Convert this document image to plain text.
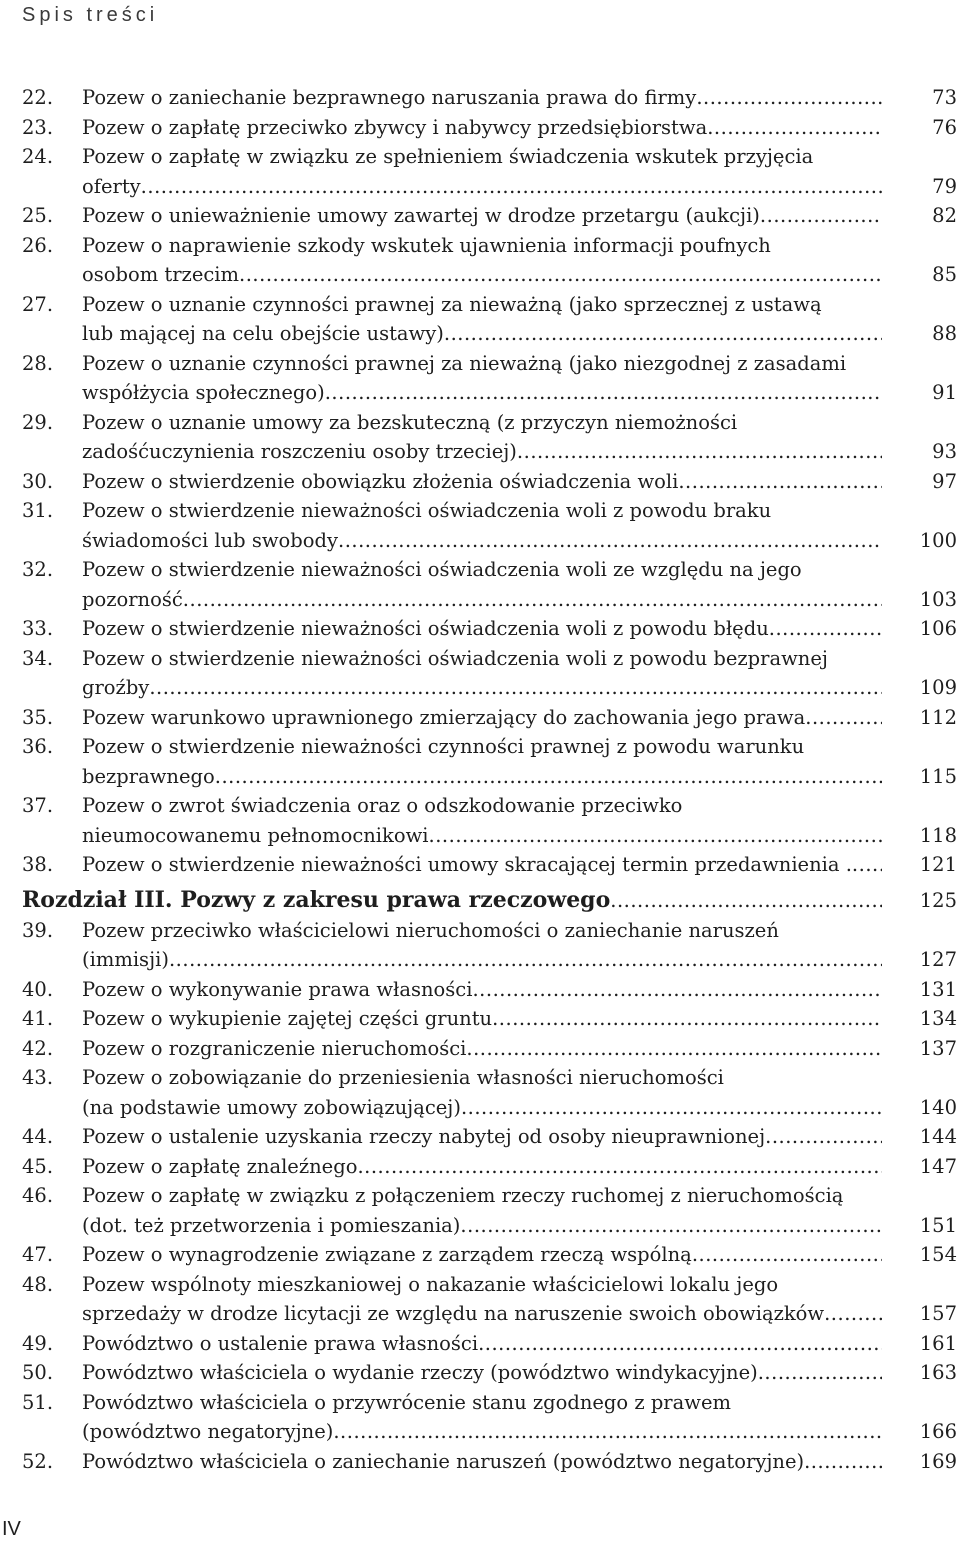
Spis treści
22. Pozew o zaniechanie bezprawnego naruszania prawa do firmy .....	73
23. Pozew o zapłatę przeciwko zbywcy i nabywcy przedsiębiorstwa .....	76
24. Pozew o zapłatę w związku ze spełnieniem świadczenia wskutek przyjęcia
oferty .....	79
25. Pozew o unieważnienie umowy zawartej w drodze przetargu (aukcji) .....	82
26. Pozew o naprawienie szkody wskutek ujawnienia informacji poufnych
osobom trzecim .....	85
27. Pozew o uznanie czynności prawnej za nieważną (jako sprzecznej z ustawą
lub mającej na celu obejście ustawy) .....	88
28. Pozew o uznanie czynności prawnej za nieważną (jako niezgodnej z zasadami
współżycia społecznego) .....	91
29. Pozew o uznanie umowy za bezskuteczną (z przyczyn niemożności
zadośćuczynienia roszczeniu osoby trzeciej) .....	93
30. Pozew o stwierdzenie obowiązku złożenia oświadczenia woli .....	97
31. Pozew o stwierdzenie nieważności oświadczenia woli z powodu braku
świadomości lub swobody .....	100
32. Pozew o stwierdzenie nieważności oświadczenia woli ze względu na jego
pozorność .....	103
33. Pozew o stwierdzenie nieważności oświadczenia woli z powodu błędu .....	106
34. Pozew o stwierdzenie nieważności oświadczenia woli z powodu bezprawnej
groźby .....	109
35. Pozew warunkowo uprawnionego zmierzający do zachowania jego prawa .....	112
36. Pozew o stwierdzenie nieważności czynności prawnej z powodu warunku
bezprawnego .....	115
37. Pozew o zwrot świadczenia oraz o odszkodowanie przeciwko
nieumocowanemu pełnomocnikowi .....	118
38. Pozew o stwierdzenie nieważności umowy skracającej termin przedawnienia . .....	121
Rozdział III. Pozwy z zakresu prawa rzeczowego .....	125
39. Pozew przeciwko właścicielowi nieruchomości o zaniechanie naruszeń
(immisji) .....	127
40. Pozew o wykonywanie prawa własności .....	131
41. Pozew o wykupienie zajętej części gruntu .....	134
42. Pozew o rozgraniczenie nieruchomości .....	137
43. Pozew o zobowiązanie do przeniesienia własności nieruchomości
(na podstawie umowy zobowiązującej) .....	140
44. Pozew o ustalenie uzyskania rzeczy nabytej od osoby nieuprawnionej .....	144
45. Pozew o zapłatę znaleźnego .....	147
46. Pozew o zapłatę w związku z połączeniem rzeczy ruchomej z nieruchomością
(dot. też przetworzenia i pomieszania) .....	151
47. Pozew o wynagrodzenie związane z zarządem rzeczą wspólną .....	154
48. Pozew wspólnoty mieszkaniowej o nakazanie właścicielowi lokalu jego
sprzedaży w drodze licytacji ze względu na naruszenie swoich obowiązków .....	157
49. Powództwo o ustalenie prawa własności .....	161
50. Powództwo właściciela o wydanie rzeczy (powództwo windykacyjne) .....	163
51. Powództwo właściciela o przywrócenie stanu zgodnego z prawem
(powództwo negatoryjne) .....	166
52. Powództwo właściciela o zaniechanie naruszeń (powództwo negatoryjne) .....	169
IV
